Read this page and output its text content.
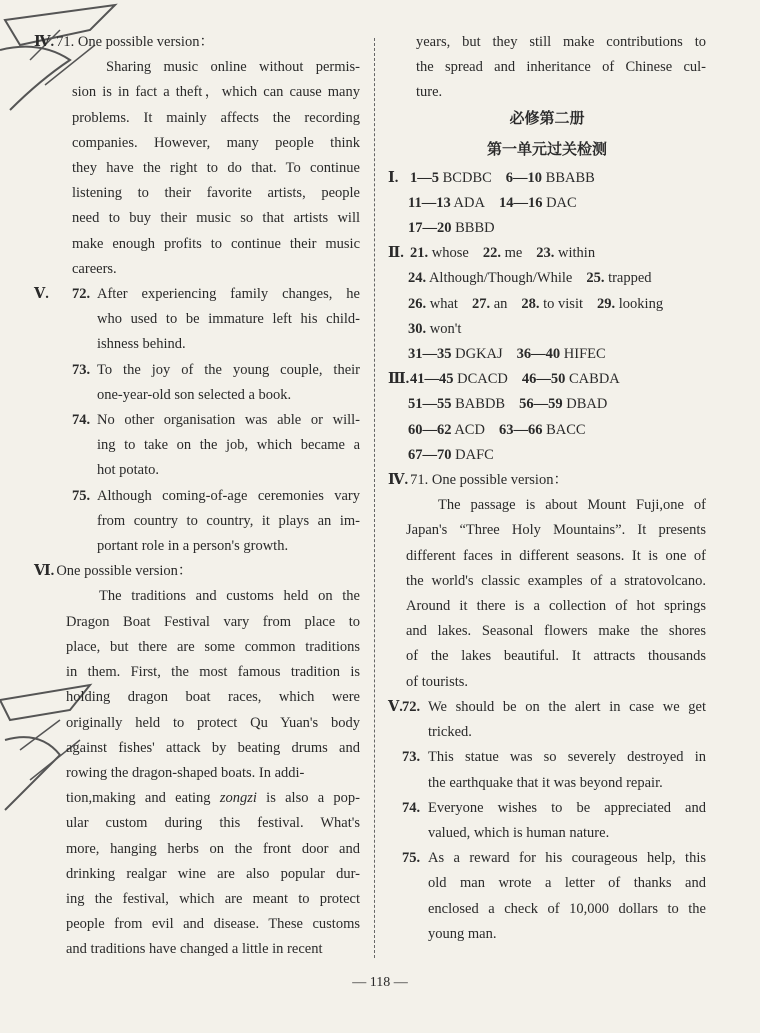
Ⅳ. 71. One possible version：
Sharing music online without permis-
sion is in fact a theft，which can cause many
problems. It mainly affects the recording
companies. However, many people think
they have the right to do that. To continue
listening to their favorite artists, people
need to buy their music so that artists will
make enough profits to continue their music
careers.
Ⅴ.	72. After experiencing family changes, he
who used to be immature left his child-
ishness behind.
73. To the joy of the young couple, their
one-year-old son selected a book.
74. No other organisation was able or will-
ing to take on the job, which became a
hot potato.
75. Although coming-of-age ceremonies vary
from country to country, it plays an im-
portant role in a person's growth.
Ⅵ. One possible version：
The traditions and customs held on the
Dragon Boat Festival vary from place to
place, but there are some common traditions
in them. First, the most famous tradition is
holding dragon boat races, which were
originally held to protect Qu Yuan's body
against fishes' attack by beating drums and
rowing the dragon-shaped boats. In addi-
tion,making and eating zongzi is also a pop-
ular custom during this festival. What's
more, hanging herbs on the front door and
drinking realgar wine are also popular dur-
ing the festival, which are meant to protect
people from evil and disease. These customs
and traditions have changed a little in recent
years, but they still make contributions to
the spread and inheritance of Chinese cul-
ture.
必修第二册
第一单元过关检测
Ⅰ. 1—5 BCDBC 6—10 BBABB
11—13 ADA 14—16 DAC
17—20 BBBD
Ⅱ. 21. whose 22. me 23. within
24. Although/Though/While 25. trapped
26. what 27. an 28. to visit 29. looking
30. won't
31—35 DGKAJ 36—40 HIFEC
Ⅲ.41—45 DCACD 46—50 CABDA
51—55 BABDB 56—59 DBAD
60—62 ACD 63—66 BACC
67—70 DAFC
Ⅳ. 71. One possible version：
The passage is about Mount Fuji,one of
Japan's “Three Holy Mountains”. It presents
different faces in different seasons. It is one of
the world's classic examples of a stratovolcano.
Around it there is a collection of hot springs
and lakes. Seasonal flowers make the shores
of the lakes beautiful. It attracts thousands
of tourists.
Ⅴ. 72. We should be on the alert in case we get
tricked.
73. This statue was so severely destroyed in
the earthquake that it was beyond repair.
74. Everyone wishes to be appreciated and
valued, which is human nature.
75. As a reward for his courageous help, this
old man wrote a letter of thanks and
enclosed a check of 10,000 dollars to the
young man.
— 118 —
